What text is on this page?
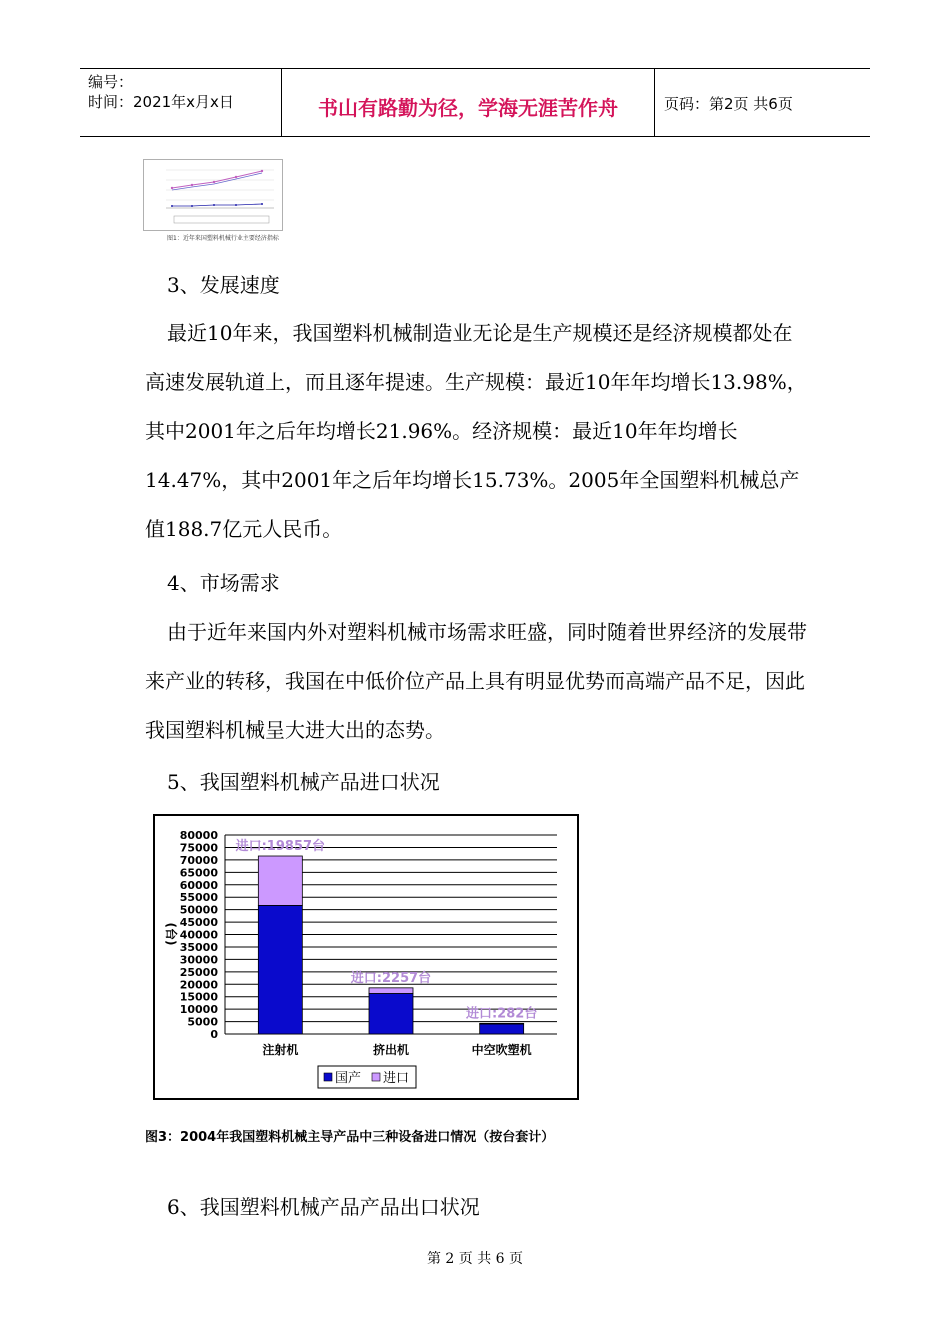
编号：
时间：2021年x月x日	书山有路勤为径，学海无涯苦作舟	页码：第2页 共6页
图1：近年来国塑料机械行业主要经济指标
3、发展速度
最近10年来，我国塑料机械制造业无论是生产规模还是经济规模都处在高速发展轨道上，而且逐年提速。生产规模：最近10年年均增长13.98%，其中2001年之后年均增长21.96%。经济规模：最近10年年均增长14.47%，其中2001年之后年均增长15.73%。2005年全国塑料机械总产值188.7亿元人民币。
4、市场需求
由于近年来国内外对塑料机械市场需求旺盛，同时随着世界经济的发展带来产业的转移，我国在中低价位产品上具有明显优势而高端产品不足，因此我国塑料机械呈大进大出的态势。
5、我国塑料机械产品进口状况
0
5000
10000
15000
20000
25000
30000
35000
40000
45000
50000
55000
60000
65000
70000
75000
80000
(台)
进口:19857台
注射机
进口:2257台
挤出机
进口:282台
中空吹塑机
国产 进口
图3：2004年我国塑料机械主导产品中三种设备进口情况（按台套计）
6、我国塑料机械产品产品出口状况
第 2 页 共 6 页
